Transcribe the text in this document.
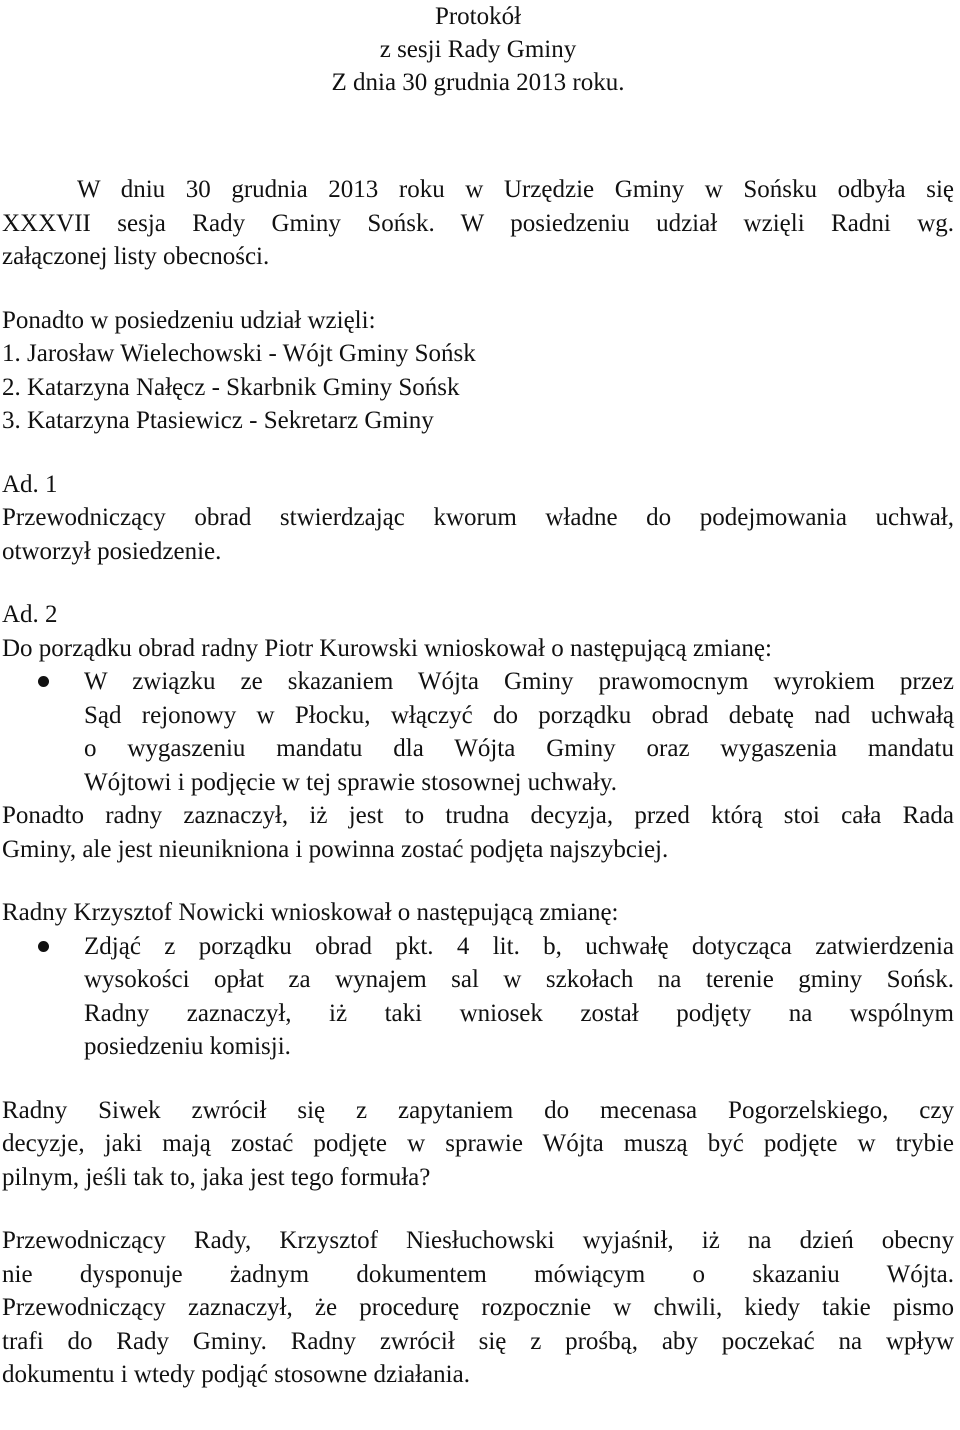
Protokół
z sesji Rady Gminy
Z dnia 30 grudnia 2013 roku.

W dniu 30 grudnia 2013 roku w Urzędzie Gminy w Sońsku odbyła się
XXXVII sesja Rady Gminy Sońsk. W posiedzeniu udział wzięli Radni wg.
załączonej listy obecności.

Ponadto w posiedzeniu udział wzięli:
1. Jarosław Wielechowski - Wójt Gminy Sońsk
2. Katarzyna Nałęcz - Skarbnik Gminy Sońsk
3. Katarzyna Ptasiewicz - Sekretarz Gminy

Ad. 1
Przewodniczący obrad stwierdzając kworum władne do podejmowania uchwał,
otworzył posiedzenie.

Ad. 2
Do porządku obrad radny Piotr Kurowski wnioskował o następującą zmianę:

W związku ze skazaniem Wójta Gminy prawomocnym wyrokiem przez
Sąd rejonowy w Płocku, włączyć do porządku obrad debatę nad uchwałą
o wygaszeniu mandatu dla Wójta Gminy oraz wygaszenia mandatu
Wójtowi i podjęcie w tej sprawie stosownej uchwały.

Ponadto radny zaznaczył, iż jest to trudna decyzja, przed którą stoi cała Rada
Gminy, ale jest nieunikniona i powinna zostać podjęta najszybciej.

Radny Krzysztof Nowicki wnioskował o następującą zmianę:

Zdjąć z porządku obrad pkt. 4 lit. b, uchwałę dotycząca zatwierdzenia
wysokości opłat za wynajem sal w szkołach na terenie gminy Sońsk.
Radny zaznaczył, iż taki wniosek został podjęty na wspólnym
posiedzeniu komisji.

Radny Siwek zwrócił się z zapytaniem do mecenasa Pogorzelskiego, czy
decyzje, jaki mają zostać podjęte w sprawie Wójta muszą być podjęte w trybie
pilnym, jeśli tak to, jaka jest tego formuła?

Przewodniczący Rady, Krzysztof Niesłuchowski wyjaśnił, iż na dzień obecny
nie dysponuje żadnym dokumentem mówiącym o skazaniu Wójta.
Przewodniczący zaznaczył, że procedurę rozpocznie w chwili, kiedy takie pismo
trafi do Rady Gminy. Radny zwrócił się z prośbą, aby poczekać na wpływ
dokumentu i wtedy podjąć stosowne działania.
